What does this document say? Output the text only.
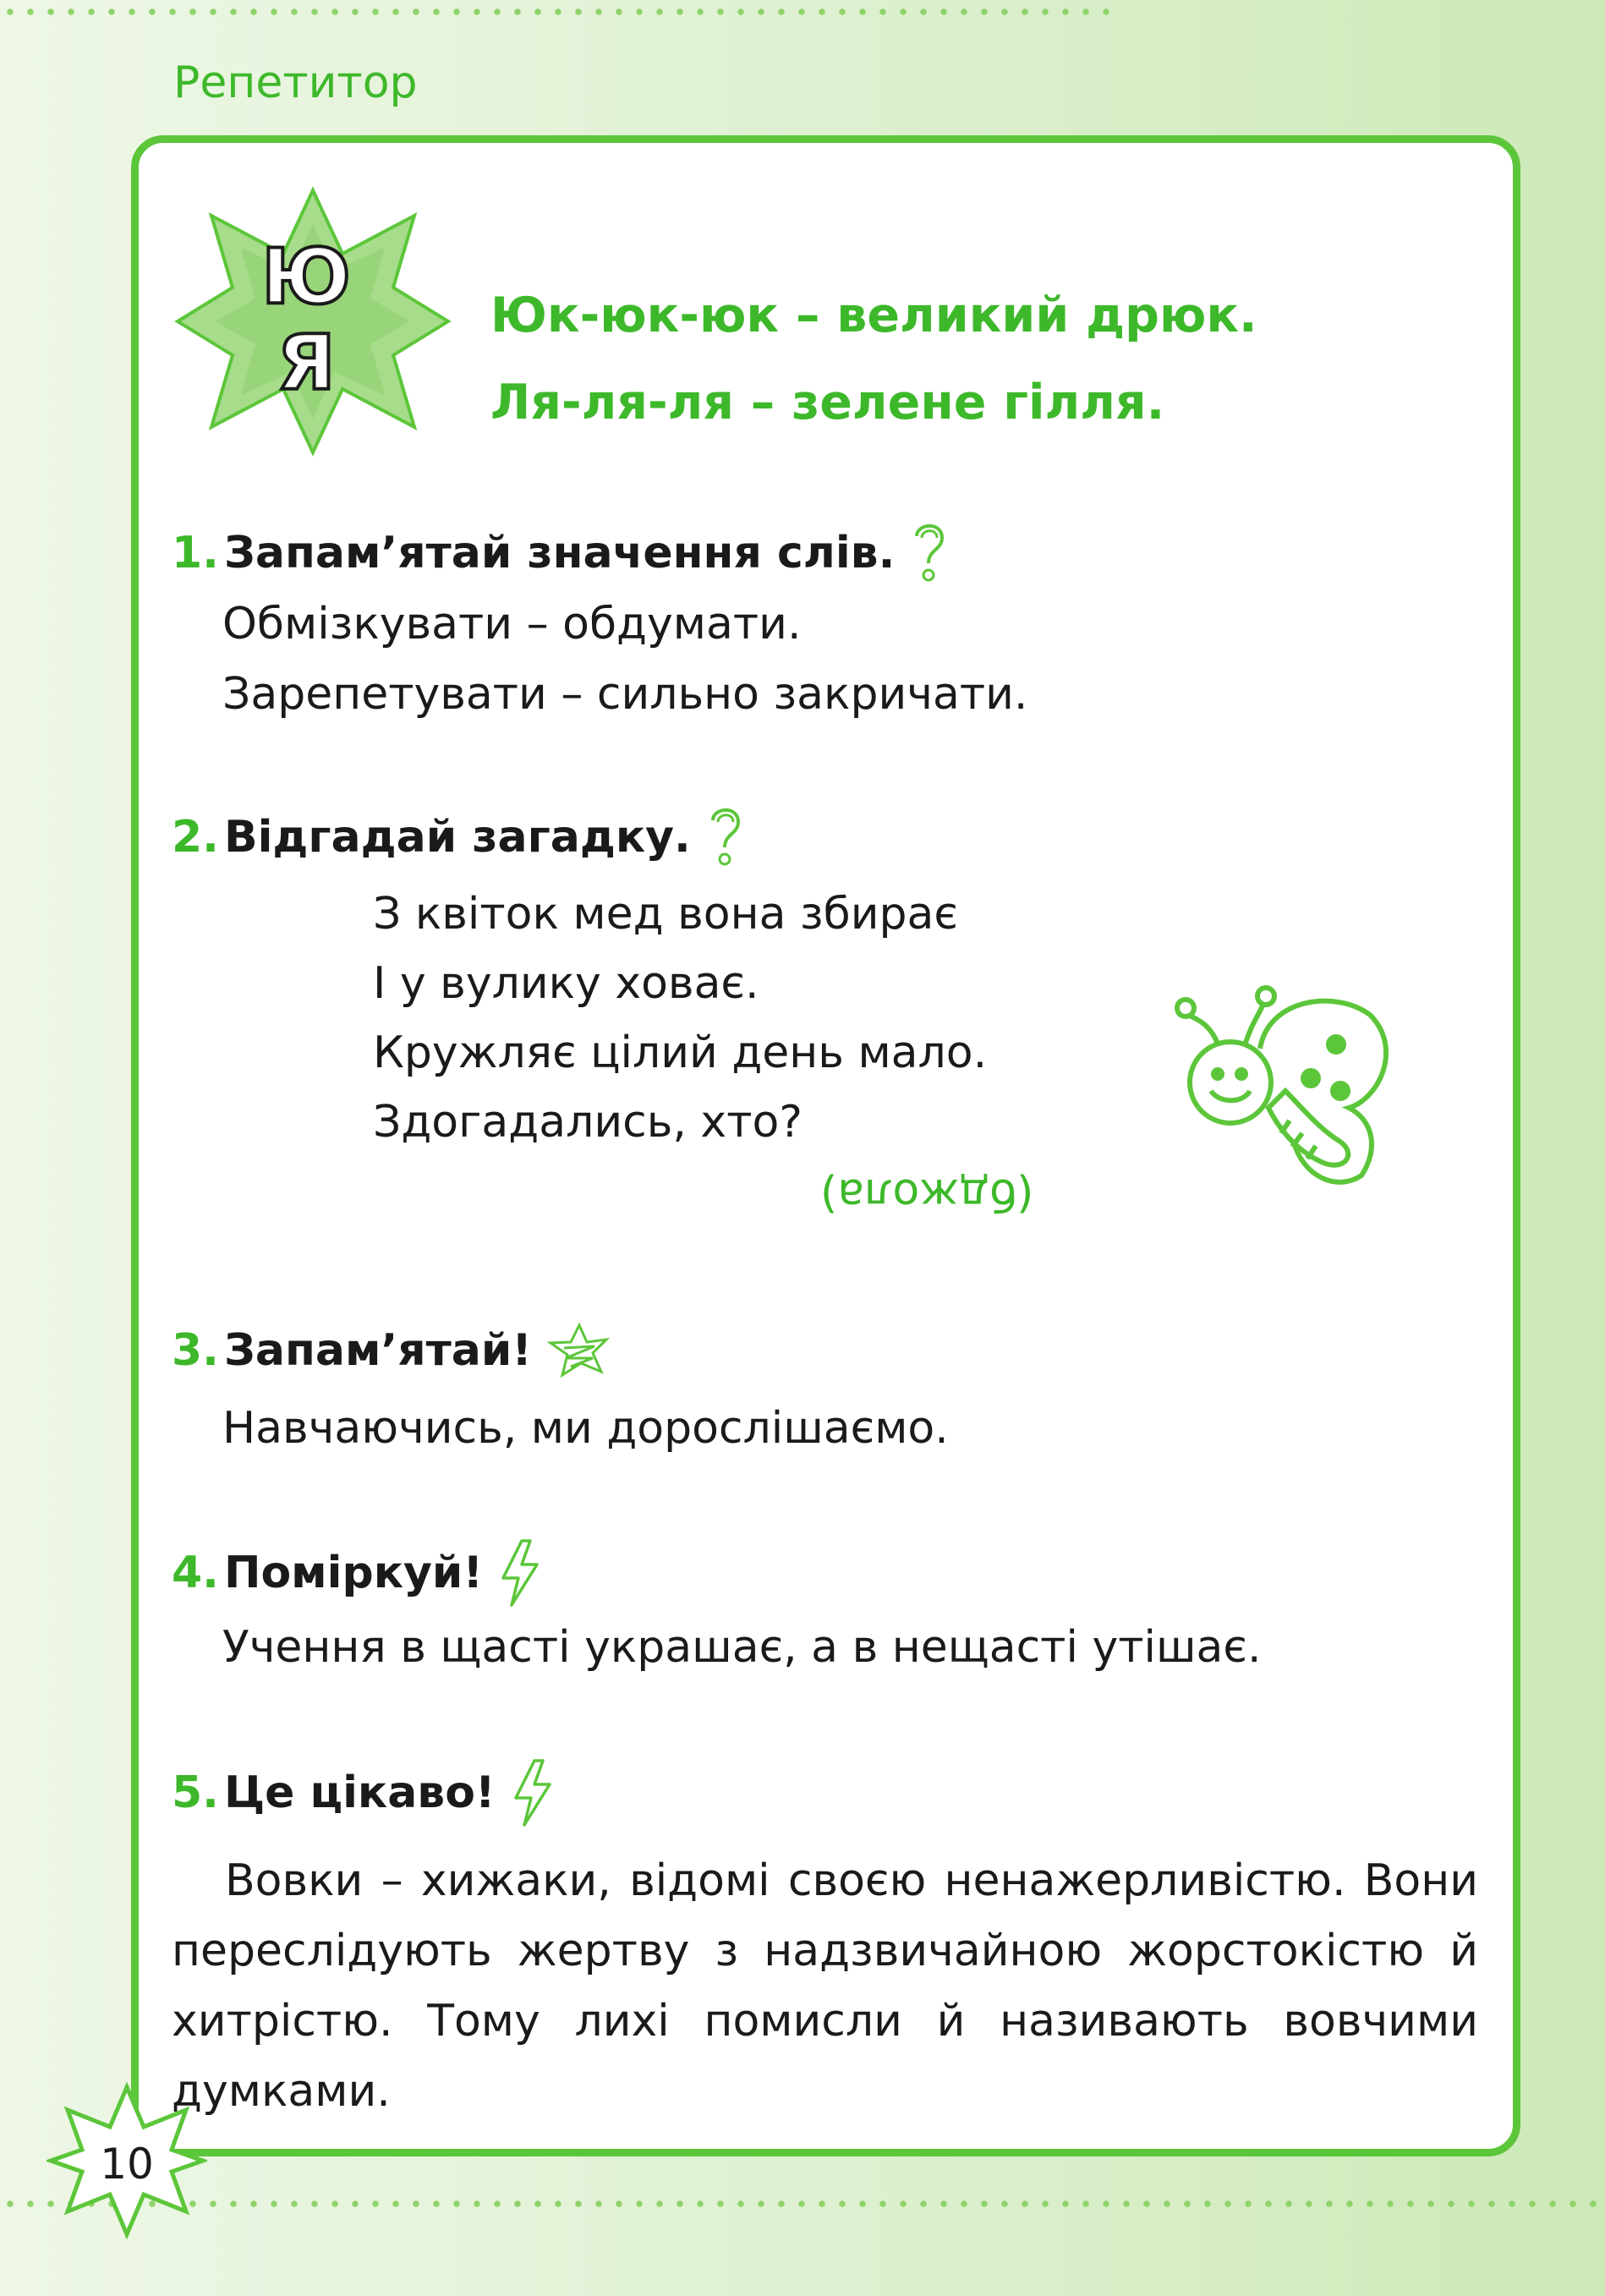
Репетитор
Ю
Я
Юк-юк-юк – великий дрюк.
Ля-ля-ля – зелене гілля.
1. Запам’ятай значення слів.
Обмізкувати – обдумати.
Зарепетувати – сильно закричати.
2. Відгадай загадку.
З квіток мед вона збирає
І у вулику ховає.
Кружляє цілий день мало.
Здогадались, хто?
(бджола)
3. Запам’ятай!
Навчаючись, ми дорослішаємо.
4. Поміркуй!
Учення в щасті украшає, а в нещасті утішає.
5. Це цікаво!
Вовки – хижаки, відомі своєю ненажерливістю. Вони переслідують жертву з надзвичайною жорстокістю й хитрістю. Тому лихі помисли й називають вовчими думками.
10
